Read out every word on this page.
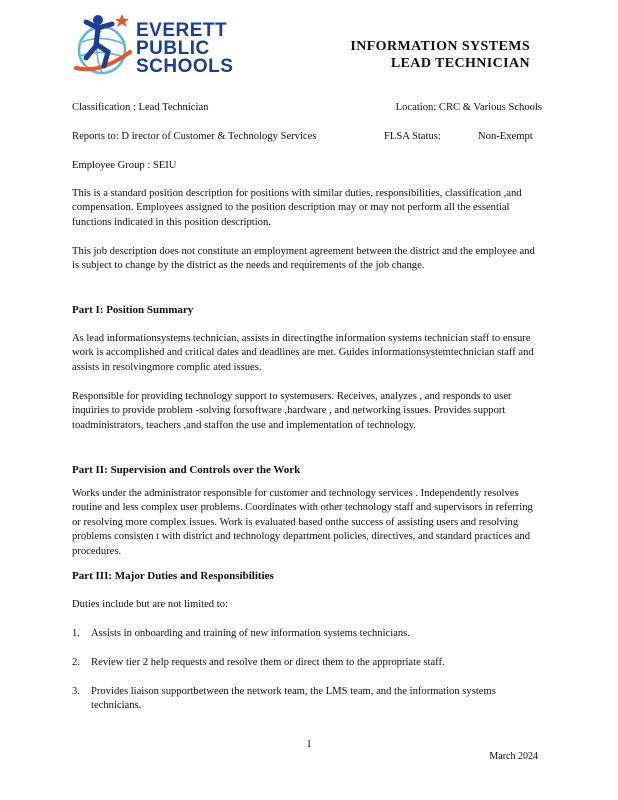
EVERETT
PUBLIC
SCHOOLS
INFORMATION SYSTEMS
LEAD TECHNICIAN
Classification : Lead Technician	Location: CRC & Various Schools
Reports to: D irector of Customer & Technology Services	FLSA Status:	Non-Exempt
Employee Group : SEIU
This is a standard position description for positions with similar duties, responsibilities, classification ,and compensation. Employees assigned to the position description may or may not perform all the essential functions indicated in this position description.
This job description does not constitute an employment agreement between the district and the employee and is subject to change by the district as the needs and requirements of the job change.
Part I: Position Summary
As lead informationsystems technician, assists in directingthe information systems technician staff to ensure work is accomplished and critical dates and deadlines are met. Guides informationsystemtechnician staff and assists in resolvingmore complic ated issues.
Responsible for providing technology support to systemusers. Receives, analyzes , and responds to user inquiries to provide problem -solving forsoftware ,hardware , and networking issues. Provides support toadministrators, teachers ,and staffon the use and implementation of technology.
Part II: Supervision and Controls over the Work
Works under the administrator responsible for customer and technology services . Independently resolves routine and less complex user problems. Coordinates with other technology staff and supervisors in referring or resolving more complex issues. Work is evaluated based onthe success of assisting users and resolving problems consisten t with district and technology department policies, directives, and standard practices and procedures.
Part III: Major Duties and Responsibilities
Duties include but are not limited to:
1. Assists in onboarding and training of new information systems technicians.
2. Review tier 2 help requests and resolve them or direct them to the appropriate staff.
3. Provides liaison supportbetween the network team, the LMS team, and the information systems technicians.
1
March 2024
